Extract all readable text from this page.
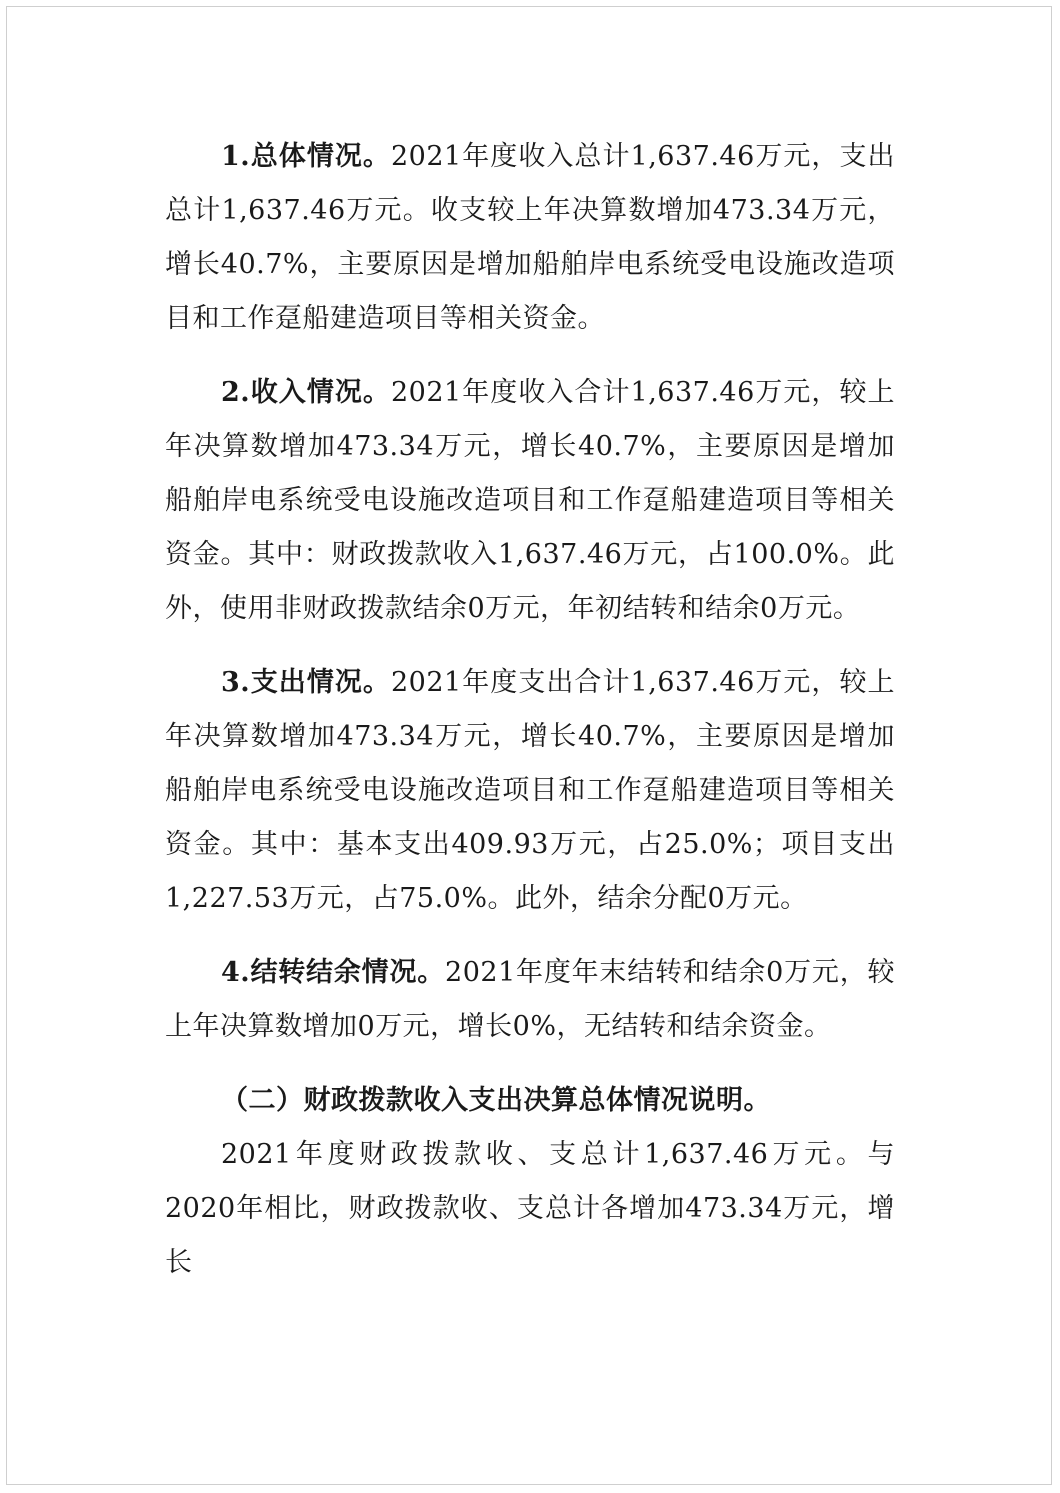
1.总体情况。2021年度收入总计1,637.46万元，支出总计1,637.46万元。收支较上年决算数增加473.34万元，增长40.7%，主要原因是增加船舶岸电系统受电设施改造项目和工作趸船建造项目等相关资金。

2.收入情况。2021年度收入合计1,637.46万元，较上年决算数增加473.34万元，增长40.7%，主要原因是增加船舶岸电系统受电设施改造项目和工作趸船建造项目等相关资金。其中：财政拨款收入1,637.46万元，占100.0%。此外，使用非财政拨款结余0万元，年初结转和结余0万元。

3.支出情况。2021年度支出合计1,637.46万元，较上年决算数增加473.34万元，增长40.7%，主要原因是增加船舶岸电系统受电设施改造项目和工作趸船建造项目等相关资金。其中：基本支出409.93万元，占25.0%；项目支出1,227.53万元，占75.0%。此外，结余分配0万元。

4.结转结余情况。2021年度年末结转和结余0万元，较上年决算数增加0万元，增长0%，无结转和结余资金。

（二）财政拨款收入支出决算总体情况说明。

2021年度财政拨款收、支总计1,637.46万元。与2020年相比，财政拨款收、支总计各增加473.34万元，增长
